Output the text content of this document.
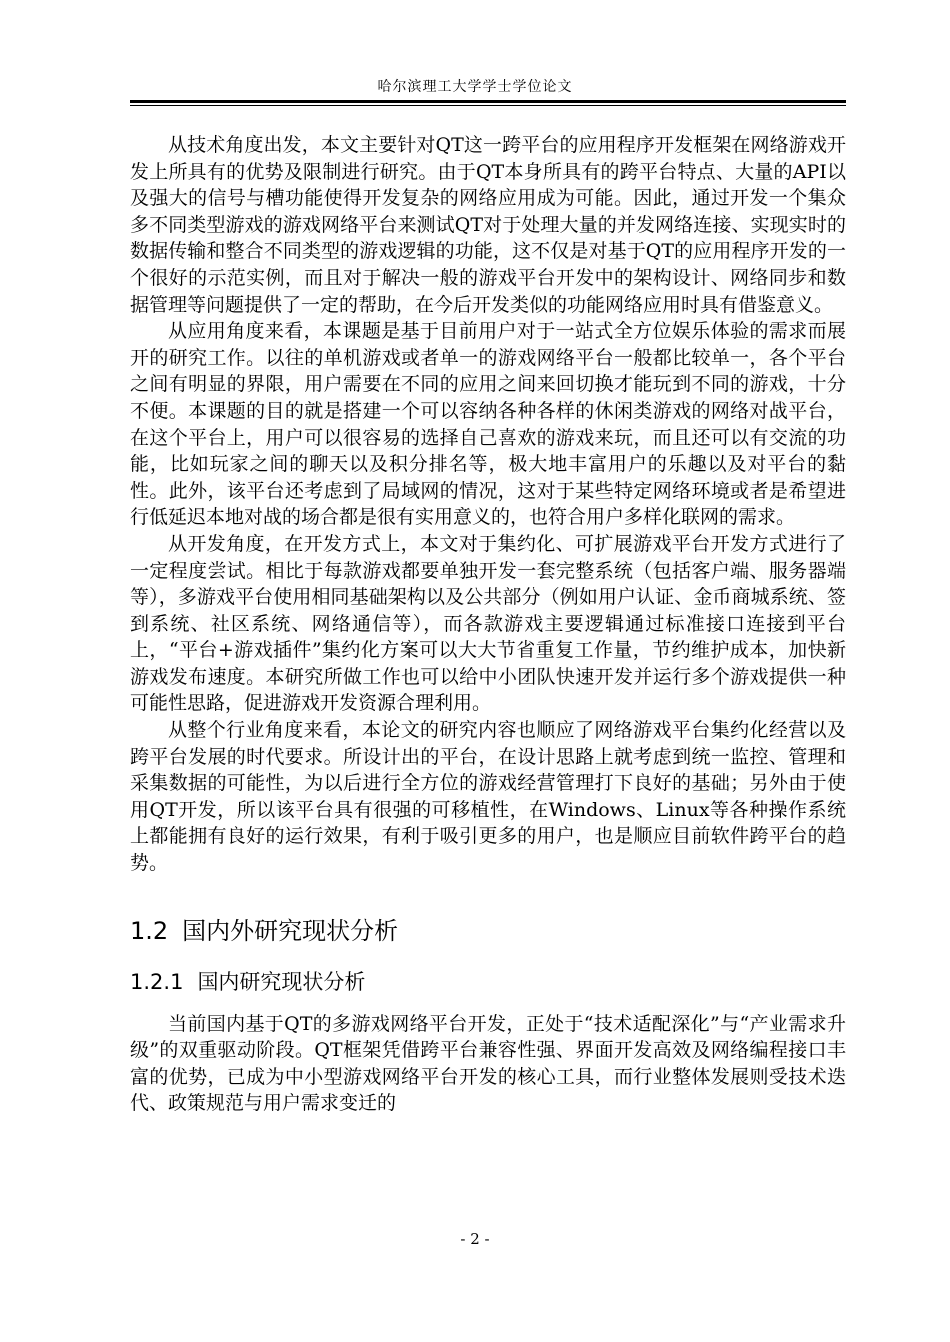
哈尔滨理工大学学士学位论文

从技术角度出发，本文主要针对QT这一跨平台的应用程序开发框架在网络游戏开发上所具有的优势及限制进行研究。由于QT本身所具有的跨平台特点、大量的API以及强大的信号与槽功能使得开发复杂的网络应用成为可能。因此，通过开发一个集众多不同类型游戏的游戏网络平台来测试QT对于处理大量的并发网络连接、实现实时的数据传输和整合不同类型的游戏逻辑的功能，这不仅是对基于QT的应用程序开发的一个很好的示范实例，而且对于解决一般的游戏平台开发中的架构设计、网络同步和数据管理等问题提供了一定的帮助，在今后开发类似的功能网络应用时具有借鉴意义。

从应用角度来看，本课题是基于目前用户对于一站式全方位娱乐体验的需求而展开的研究工作。以往的单机游戏或者单一的游戏网络平台一般都比较单一，各个平台之间有明显的界限，用户需要在不同的应用之间来回切换才能玩到不同的游戏，十分不便。本课题的目的就是搭建一个可以容纳各种各样的休闲类游戏的网络对战平台，在这个平台上，用户可以很容易的选择自己喜欢的游戏来玩，而且还可以有交流的功能，比如玩家之间的聊天以及积分排名等，极大地丰富用户的乐趣以及对平台的黏性。此外，该平台还考虑到了局域网的情况，这对于某些特定网络环境或者是希望进行低延迟本地对战的场合都是很有实用意义的，也符合用户多样化联网的需求。

从开发角度，在开发方式上，本文对于集约化、可扩展游戏平台开发方式进行了一定程度尝试。相比于每款游戏都要单独开发一套完整系统（包括客户端、服务器端等），多游戏平台使用相同基础架构以及公共部分（例如用户认证、金币商城系统、签到系统、社区系统、网络通信等），而各款游戏主要逻辑通过标准接口连接到平台上，“平台+游戏插件”集约化方案可以大大节省重复工作量，节约维护成本，加快新游戏发布速度。本研究所做工作也可以给中小团队快速开发并运行多个游戏提供一种可能性思路，促进游戏开发资源合理利用。

从整个行业角度来看，本论文的研究内容也顺应了网络游戏平台集约化经营以及跨平台发展的时代要求。所设计出的平台，在设计思路上就考虑到统一监控、管理和采集数据的可能性，为以后进行全方位的游戏经营管理打下良好的基础；另外由于使用QT开发，所以该平台具有很强的可移植性，在Windows、Linux等各种操作系统上都能拥有良好的运行效果，有利于吸引更多的用户，也是顺应目前软件跨平台的趋势。

1.2 国内外研究现状分析
1.2.1 国内研究现状分析

当前国内基于QT的多游戏网络平台开发，正处于“技术适配深化”与“产业需求升级”的双重驱动阶段。QT框架凭借跨平台兼容性强、界面开发高效及网络编程接口丰富的优势，已成为中小型游戏网络平台开发的核心工具，而行业整体发展则受技术迭代、政策规范与用户需求变迁的

- 2 -
